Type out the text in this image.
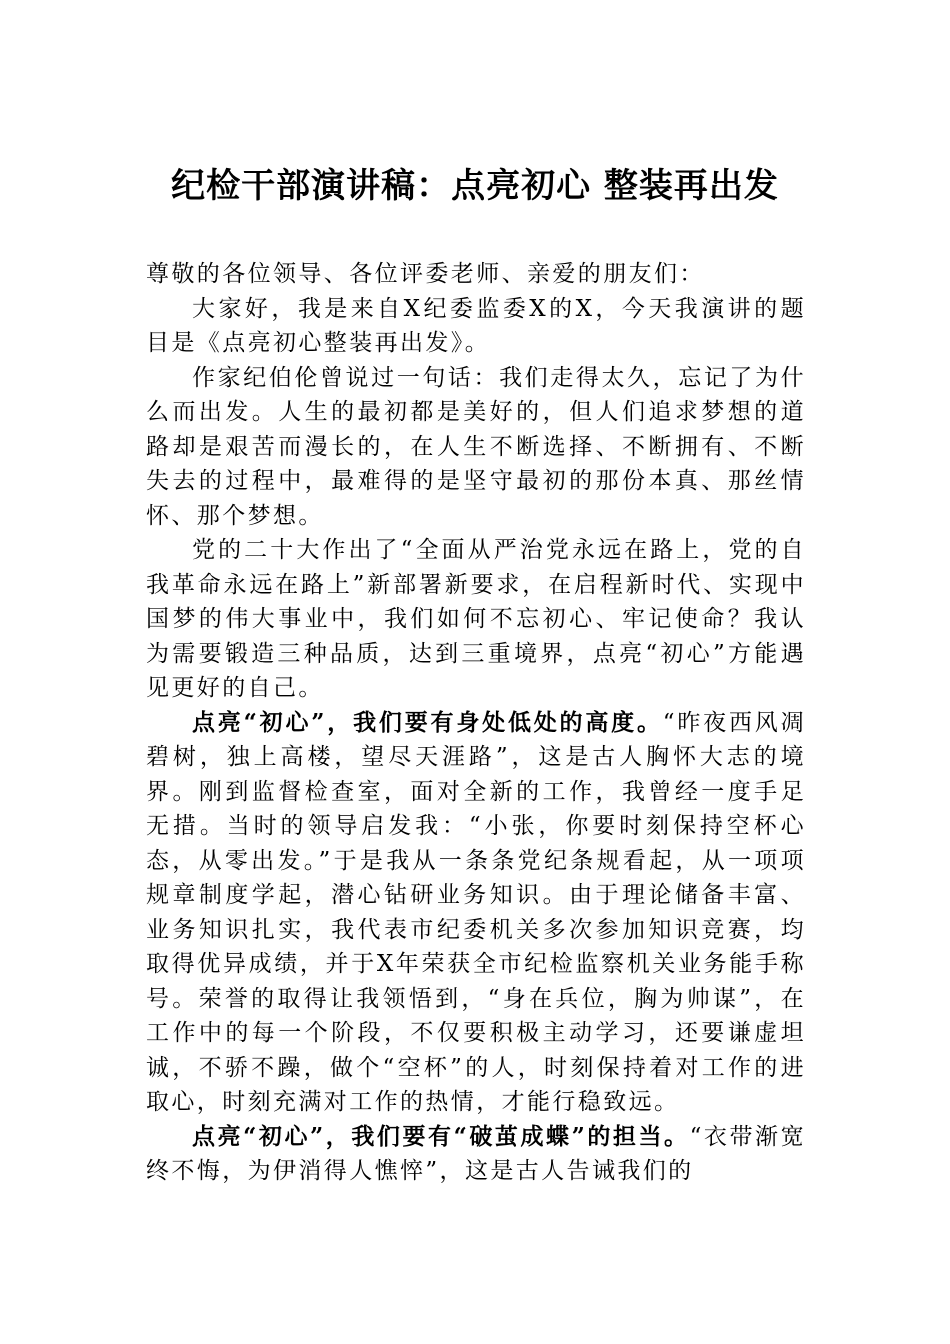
纪检干部演讲稿：点亮初心 整装再出发

尊敬的各位领导、各位评委老师、亲爱的朋友们：

大家好，我是来自X纪委监委X的X，今天我演讲的题目是《点亮初心整装再出发》。

作家纪伯伦曾说过一句话：我们走得太久，忘记了为什么而出发。人生的最初都是美好的，但人们追求梦想的道路却是艰苦而漫长的，在人生不断选择、不断拥有、不断失去的过程中，最难得的是坚守最初的那份本真、那丝情怀、那个梦想。

党的二十大作出了“全面从严治党永远在路上，党的自我革命永远在路上”新部署新要求，在启程新时代、实现中国梦的伟大事业中，我们如何不忘初心、牢记使命？我认为需要锻造三种品质，达到三重境界，点亮“初心”方能遇见更好的自己。

点亮“初心”，我们要有身处低处的高度。“昨夜西风凋碧树，独上高楼，望尽天涯路”，这是古人胸怀大志的境界。刚到监督检查室，面对全新的工作，我曾经一度手足无措。当时的领导启发我：“小张，你要时刻保持空杯心态，从零出发。”于是我从一条条党纪条规看起，从一项项规章制度学起，潜心钻研业务知识。由于理论储备丰富、业务知识扎实，我代表市纪委机关多次参加知识竞赛，均取得优异成绩，并于X年荣获全市纪检监察机关业务能手称号。荣誉的取得让我领悟到，“身在兵位，胸为帅谋”，在工作中的每一个阶段，不仅要积极主动学习，还要谦虚坦诚，不骄不躁，做个“空杯”的人，时刻保持着对工作的进取心，时刻充满对工作的热情，才能行稳致远。

点亮“初心”，我们要有“破茧成蝶”的担当。“衣带渐宽终不悔，为伊消得人憔悴”，这是古人告诫我们的
